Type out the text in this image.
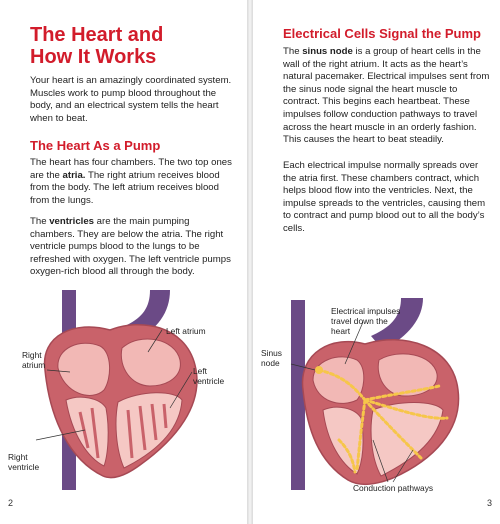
The Heart and
How It Works

Your heart is an amazingly coordinated system. Muscles work to pump blood throughout the body, and an electrical system tells the heart when to beat.

The Heart As a Pump

The heart has four chambers. The two top ones are the atria. The right atrium receives blood from the body. The left atrium receives blood from the lungs.

The ventricles are the main pumping chambers. They are below the atria. The right ventricle pumps blood to the lungs to be refreshed with oxygen. The left ventricle pumps oxygen-rich blood all through the body.

Left atrium
Right
atrium
Left
ventricle
Right
ventricle
2
Electrical Cells Signal the Pump

The sinus node is a group of heart cells in the wall of the right atrium. It acts as the heart’s natural pacemaker. Electrical impulses sent from the sinus node signal the heart muscle to contract. This begins each heartbeat. These impulses follow conduction pathways to travel across the heart muscle in an orderly fashion. This causes the heart to beat steadily.

Each electrical impulse normally spreads over the atria first. These chambers contract, which helps blood flow into the ventricles. Next, the impulse spreads to the ventricles, causing them to contract and pump blood out to all the body’s cells.

Electrical impulses
travel down the
heart
Sinus
node
Conduction pathways
3
